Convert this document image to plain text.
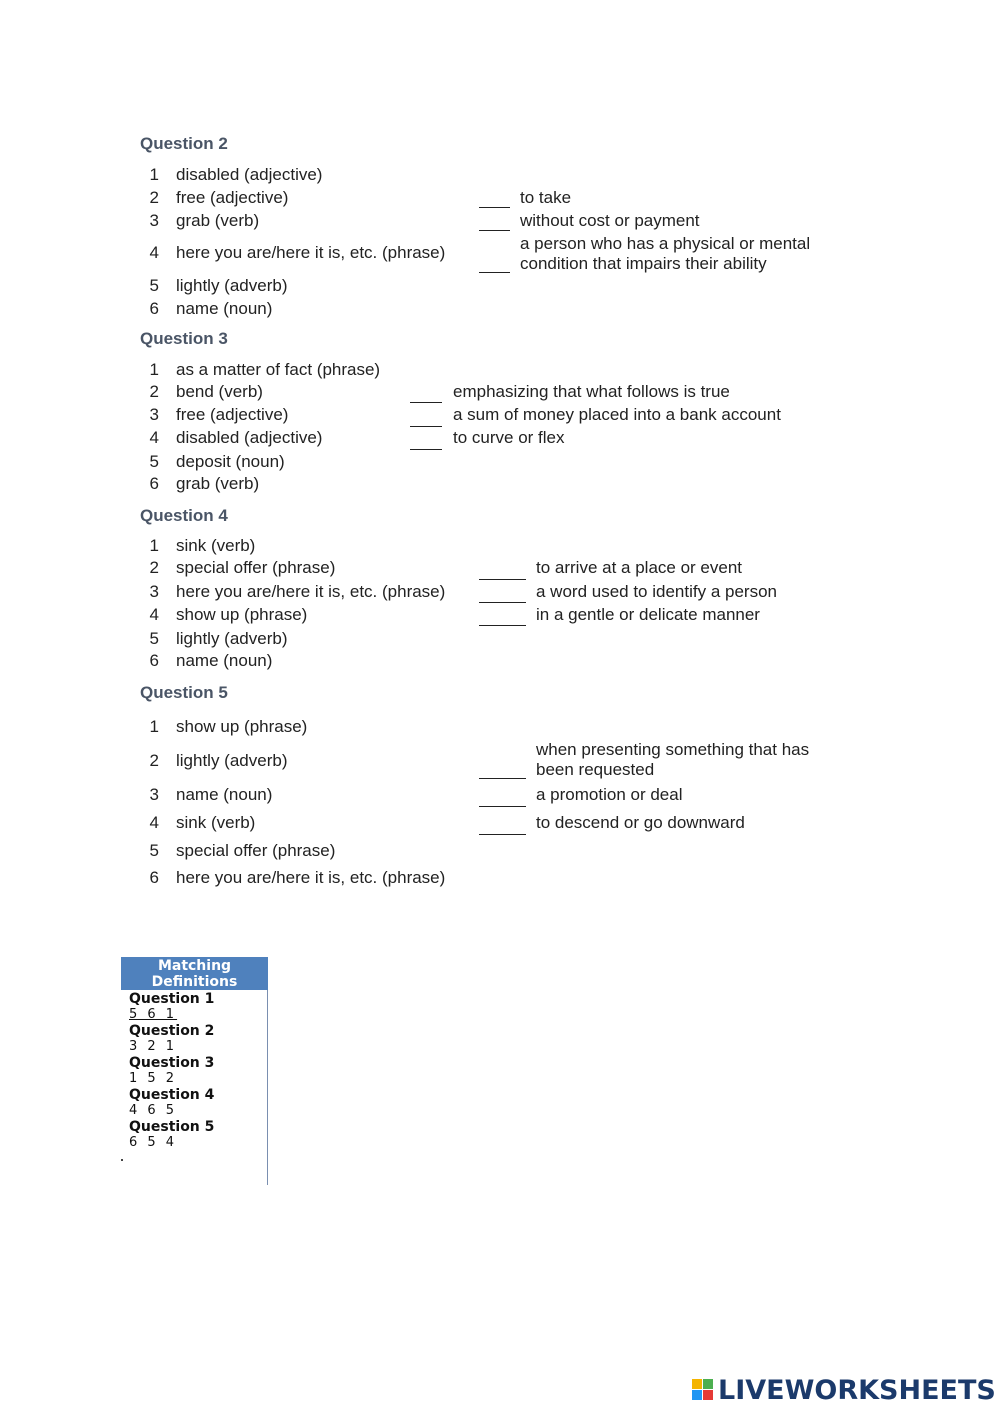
Question 2
1 disabled (adjective)
2 free (adjective)
3 grab (verb)
4 here you are/here it is, etc. (phrase)
5 lightly (adverb)
6 name (noun)
to take
without cost or payment
a person who has a physical or mental condition that impairs their ability
Question 3
1 as a matter of fact (phrase)
2 bend (verb)
3 free (adjective)
4 disabled (adjective)
5 deposit (noun)
6 grab (verb)
emphasizing that what follows is true
a sum of money placed into a bank account
to curve or flex
Question 4
1 sink (verb)
2 special offer (phrase)
3 here you are/here it is, etc. (phrase)
4 show up (phrase)
5 lightly (adverb)
6 name (noun)
to arrive at a place or event
a word used to identify a person
in a gentle or delicate manner
Question 5
1 show up (phrase)
2 lightly (adverb)
3 name (noun)
4 sink (verb)
5 special offer (phrase)
6 here you are/here it is, etc. (phrase)
when presenting something that has been requested
a promotion or deal
to descend or go downward
Matching Definitions
Question 1
5 6 1
Question 2
3 2 1
Question 3
1 5 2
Question 4
4 6 5
Question 5
6 5 4
LIVEWORKSHEETS
